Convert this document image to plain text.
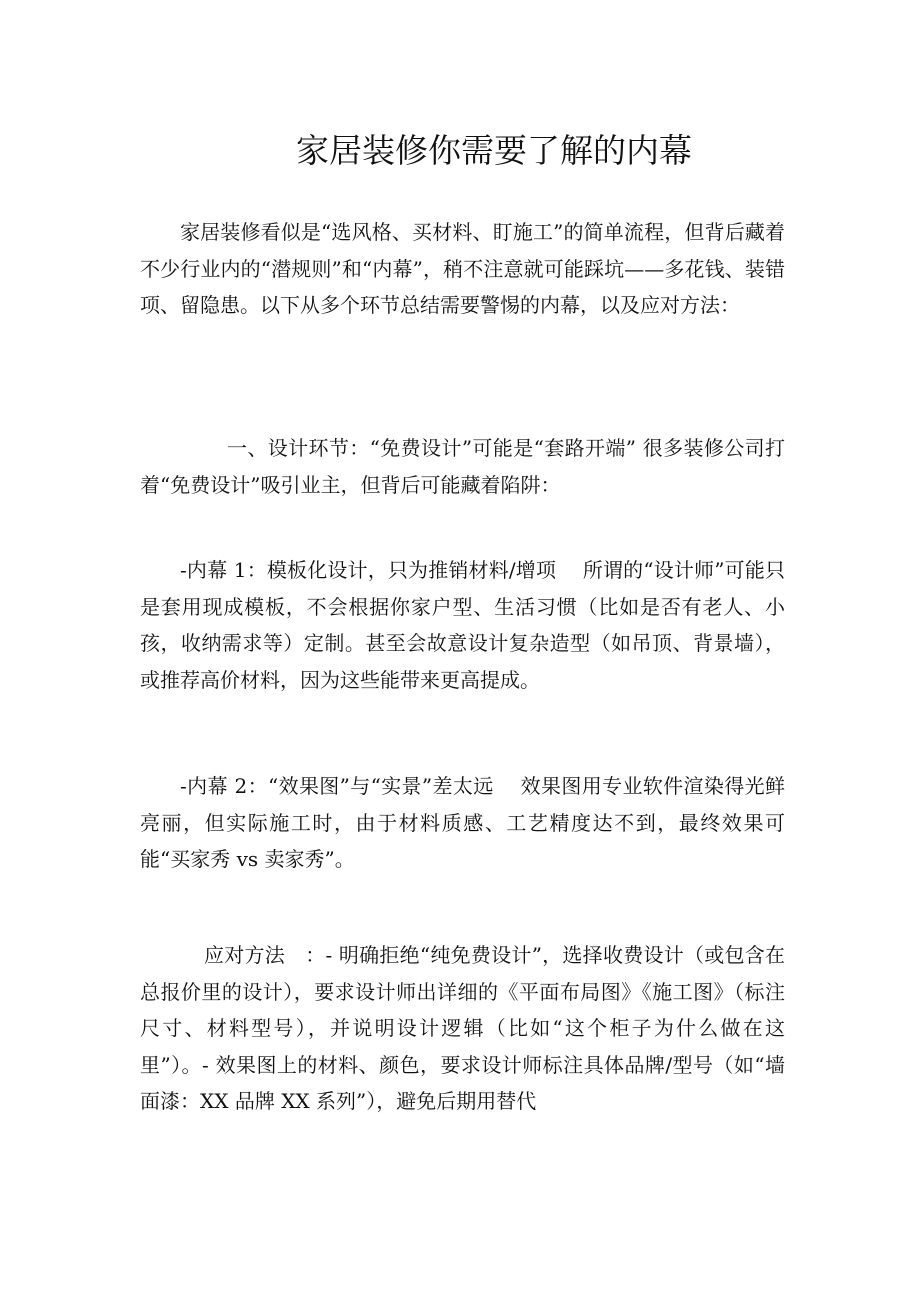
家居装修你需要了解的内幕

家居装修看似是“选风格、买材料、盯施工”的简单流程，但背后藏着不少行业内的“潜规则”和“内幕”，稍不注意就可能踩坑——多花钱、装错项、留隐患。以下从多个环节总结需要警惕的内幕，以及应对方法：

一、设计环节：“免费设计”可能是“套路开端” 很多装修公司打着“免费设计”吸引业主，但背后可能藏着陷阱：

-内幕 1：模板化设计，只为推销材料/增项　 所谓的“设计师”可能只是套用现成模板，不会根据你家户型、生活习惯（比如是否有老人、小孩，收纳需求等）定制。甚至会故意设计复杂造型（如吊顶、背景墙），或推荐高价材料，因为这些能带来更高提成。

-内幕 2：“效果图”与“实景”差太远　 效果图用专业软件渲染得光鲜亮丽，但实际施工时，由于材料质感、工艺精度达不到，最终效果可能“买家秀 vs 卖家秀”。

应对方法　：- 明确拒绝“纯免费设计”，选择收费设计（或包含在总报价里的设计），要求设计师出详细的《平面布局图》《施工图》（标注尺寸、材料型号），并说明设计逻辑（比如“这个柜子为什么做在这里”）。- 效果图上的材料、颜色，要求设计师标注具体品牌/型号（如“墙面漆：XX 品牌 XX 系列”），避免后期用替代
